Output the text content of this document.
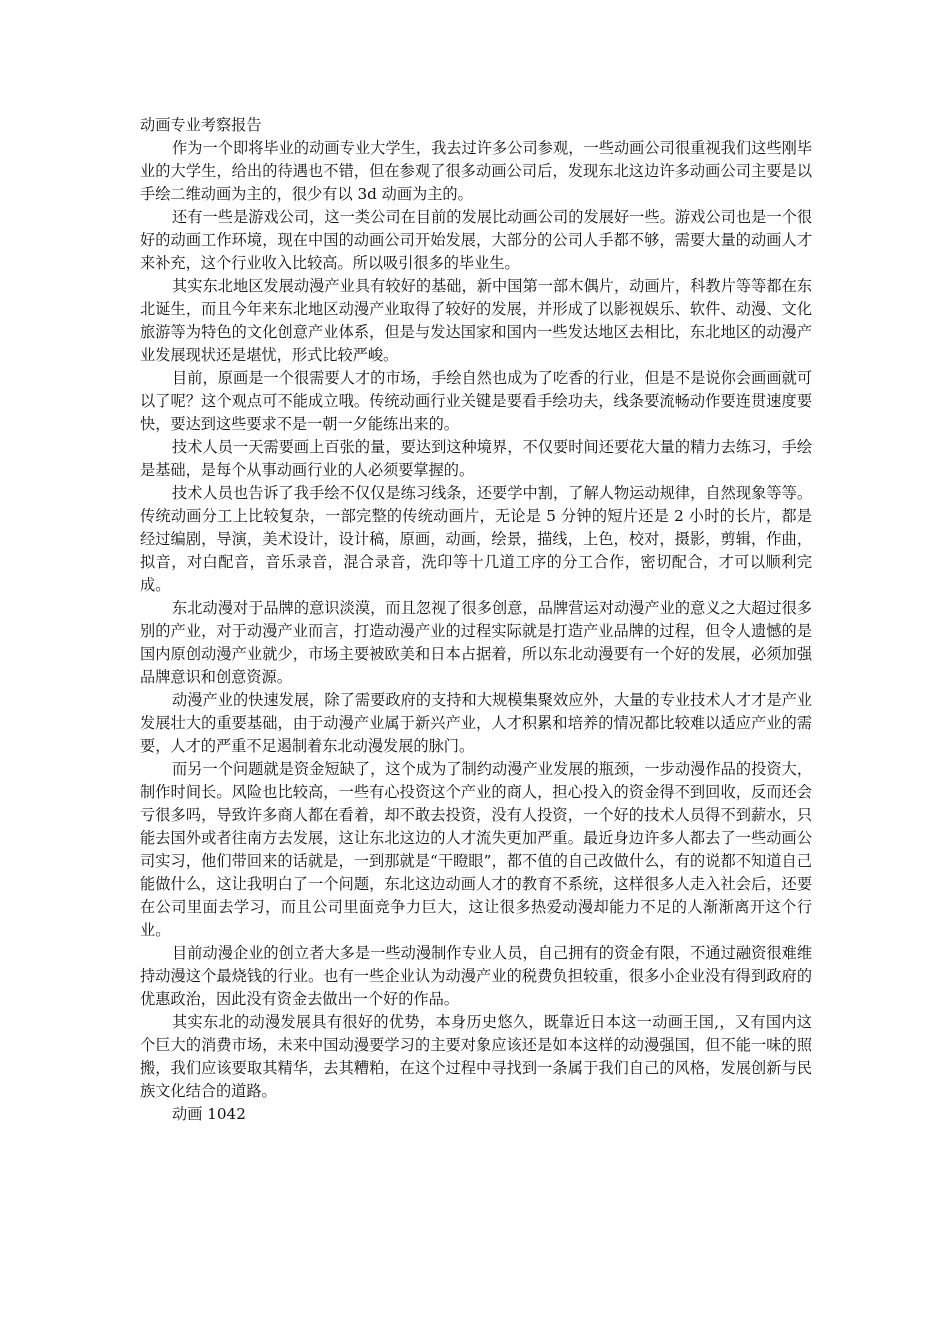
动画专业考察报告

作为一个即将毕业的动画专业大学生，我去过许多公司参观，一些动画公司很重视我们这些刚毕业的大学生，给出的待遇也不错，但在参观了很多动画公司后，发现东北这边许多动画公司主要是以手绘二维动画为主的，很少有以 3d 动画为主的。

还有一些是游戏公司，这一类公司在目前的发展比动画公司的发展好一些。游戏公司也是一个很好的动画工作环境，现在中国的动画公司开始发展，大部分的公司人手都不够，需要大量的动画人才来补充，这个行业收入比较高。所以吸引很多的毕业生。

其实东北地区发展动漫产业具有较好的基础，新中国第一部木偶片，动画片，科教片等等都在东北诞生，而且今年来东北地区动漫产业取得了较好的发展，并形成了以影视娱乐、软件、动漫、文化旅游等为特色的文化创意产业体系，但是与发达国家和国内一些发达地区去相比，东北地区的动漫产业发展现状还是堪忧，形式比较严峻。

目前，原画是一个很需要人才的市场，手绘自然也成为了吃香的行业，但是不是说你会画画就可以了呢？这个观点可不能成立哦。传统动画行业关键是要看手绘功夫，线条要流畅动作要连贯速度要快，要达到这些要求不是一朝一夕能练出来的。

技术人员一天需要画上百张的量，要达到这种境界，不仅要时间还要花大量的精力去练习，手绘是基础，是每个从事动画行业的人必须要掌握的。

技术人员也告诉了我手绘不仅仅是练习线条，还要学中割，了解人物运动规律，自然现象等等。传统动画分工上比较复杂，一部完整的传统动画片，无论是 5 分钟的短片还是 2 小时的长片，都是经过编剧，导演，美术设计，设计稿，原画，动画，绘景，描线，上色，校对，摄影，剪辑，作曲，拟音，对白配音，音乐录音，混合录音，洗印等十几道工序的分工合作，密切配合，才可以顺利完成。

东北动漫对于品牌的意识淡漠，而且忽视了很多创意，品牌营运对动漫产业的意义之大超过很多别的产业，对于动漫产业而言，打造动漫产业的过程实际就是打造产业品牌的过程，但令人遗憾的是国内原创动漫产业就少，市场主要被欧美和日本占据着，所以东北动漫要有一个好的发展，必须加强品牌意识和创意资源。

动漫产业的快速发展，除了需要政府的支持和大规模集聚效应外，大量的专业技术人才才是产业发展壮大的重要基础，由于动漫产业属于新兴产业，人才积累和培养的情况都比较难以适应产业的需要，人才的严重不足遏制着东北动漫发展的脉门。

而另一个问题就是资金短缺了，这个成为了制约动漫产业发展的瓶颈，一步动漫作品的投资大，制作时间长。风险也比较高，一些有心投资这个产业的商人，担心投入的资金得不到回收，反而还会亏很多吗，导致许多商人都在看着，却不敢去投资，没有人投资，一个好的技术人员得不到薪水，只能去国外或者往南方去发展，这让东北这边的人才流失更加严重。最近身边许多人都去了一些动画公司实习，他们带回来的话就是，一到那就是“干瞪眼”，都不值的自己改做什么，有的说都不知道自己能做什么，这让我明白了一个问题，东北这边动画人才的教育不系统，这样很多人走入社会后，还要在公司里面去学习，而且公司里面竞争力巨大，这让很多热爱动漫却能力不足的人渐渐离开这个行业。

目前动漫企业的创立者大多是一些动漫制作专业人员，自己拥有的资金有限，不通过融资很难维持动漫这个最烧钱的行业。也有一些企业认为动漫产业的税费负担较重，很多小企业没有得到政府的优惠政治，因此没有资金去做出一个好的作品。

其实东北的动漫发展具有很好的优势，本身历史悠久，既靠近日本这一动画王国,，又有国内这个巨大的消费市场，未来中国动漫要学习的主要对象应该还是如本这样的动漫强国，但不能一味的照搬，我们应该要取其精华，去其糟粕，在这个过程中寻找到一条属于我们自己的风格，发展创新与民族文化结合的道路。

动画 1042
